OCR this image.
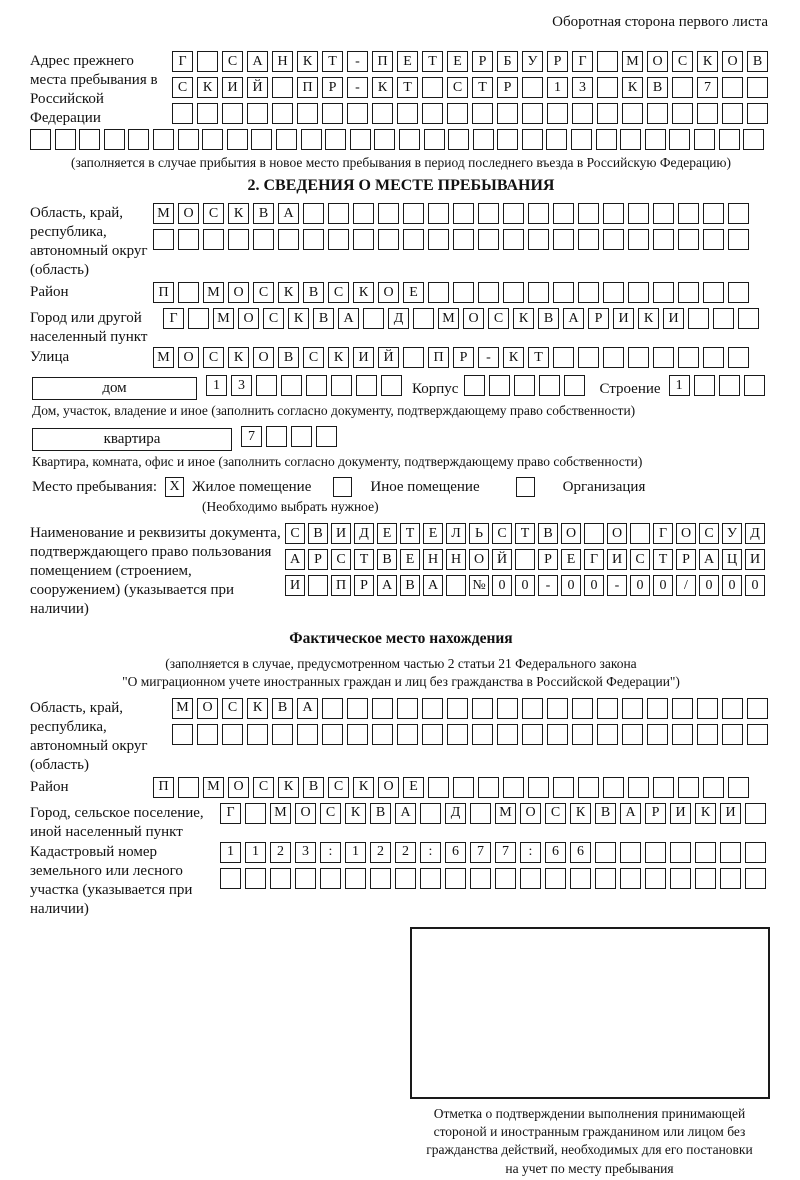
Оборотная сторона первого листа
Адрес прежнего места пребывания в Российской Федерации
Г	С	А	Н	К	Т	-	П	Е	Т	Е	Р	Б	У	Р	Г	М О	С	К	О	В
С	К	И	Й	П	Р	-	К	Т	С	Т	Р	1	3	К	В	7
(заполняется в случае прибытия в новое место пребывания в период последнего въезда в Российскую Федерацию)
2. СВЕДЕНИЯ О МЕСТЕ ПРЕБЫВАНИЯ
Область, край, республика, автономный округ (область)
М О	С	К	В	А
Район	П	М О	С	К	В	С	К	О	Е
Город или другой населенный пункт
Г	М О	С	К	В	А	Д	М О	С	К	В	А	Р	И	К	И
Улица	М О	С	К	О	В	С	К	И	Й	П	Р	-	К	Т
дом	1	3	Корпус	Строение	1
Дом, участок, владение и иное (заполнить согласно документу, подтверждающему право собственности)
квартира	7
Квартира, комната, офис и иное (заполнить согласно документу, подтверждающему право собственности)
Место пребывания: X Жилое помещение	Иное помещение	Организация
(Необходимо выбрать нужное)
Наименование и реквизиты документа, подтверждающего право пользования помещением (строением, сооружением) (указывается при наличии)
С В И Д Е	Т	Е Л	Ь	С	Т	В О	О	Г О С У Д
А	Р	С	Т	В	Е Н Н О Й	Р	Е	Г И С	Т	Р	А Ц И
И	П	Р	А В А	№ 0	0	-	0	0	-	0	0	/	0	0	0
Фактическое место нахождения
(заполняется в случае, предусмотренном частью 2 статьи 21 Федерального закона
"О миграционном учете иностранных граждан и лиц без гражданства в Российской Федерации")
Область, край, республика, автономный округ (область)
М О	С	К	В	А
Район	П	М О	С	К	В	С	К	О	Е
Город, сельское поселение, иной населенный пункт
Г	М О	С	К	В	А	Д	М О	С	К	В	А	Р	И	К	И
Кадастровый номер земельного или лесного участка (указывается при наличии)
1	1	2	3	:	1	2	2	:	6	7	7	:	6	6
Отметка о подтверждении выполнения принимающей
стороной и иностранным гражданином или лицом без
гражданства действий, необходимых для его постановки
на учет по месту пребывания
